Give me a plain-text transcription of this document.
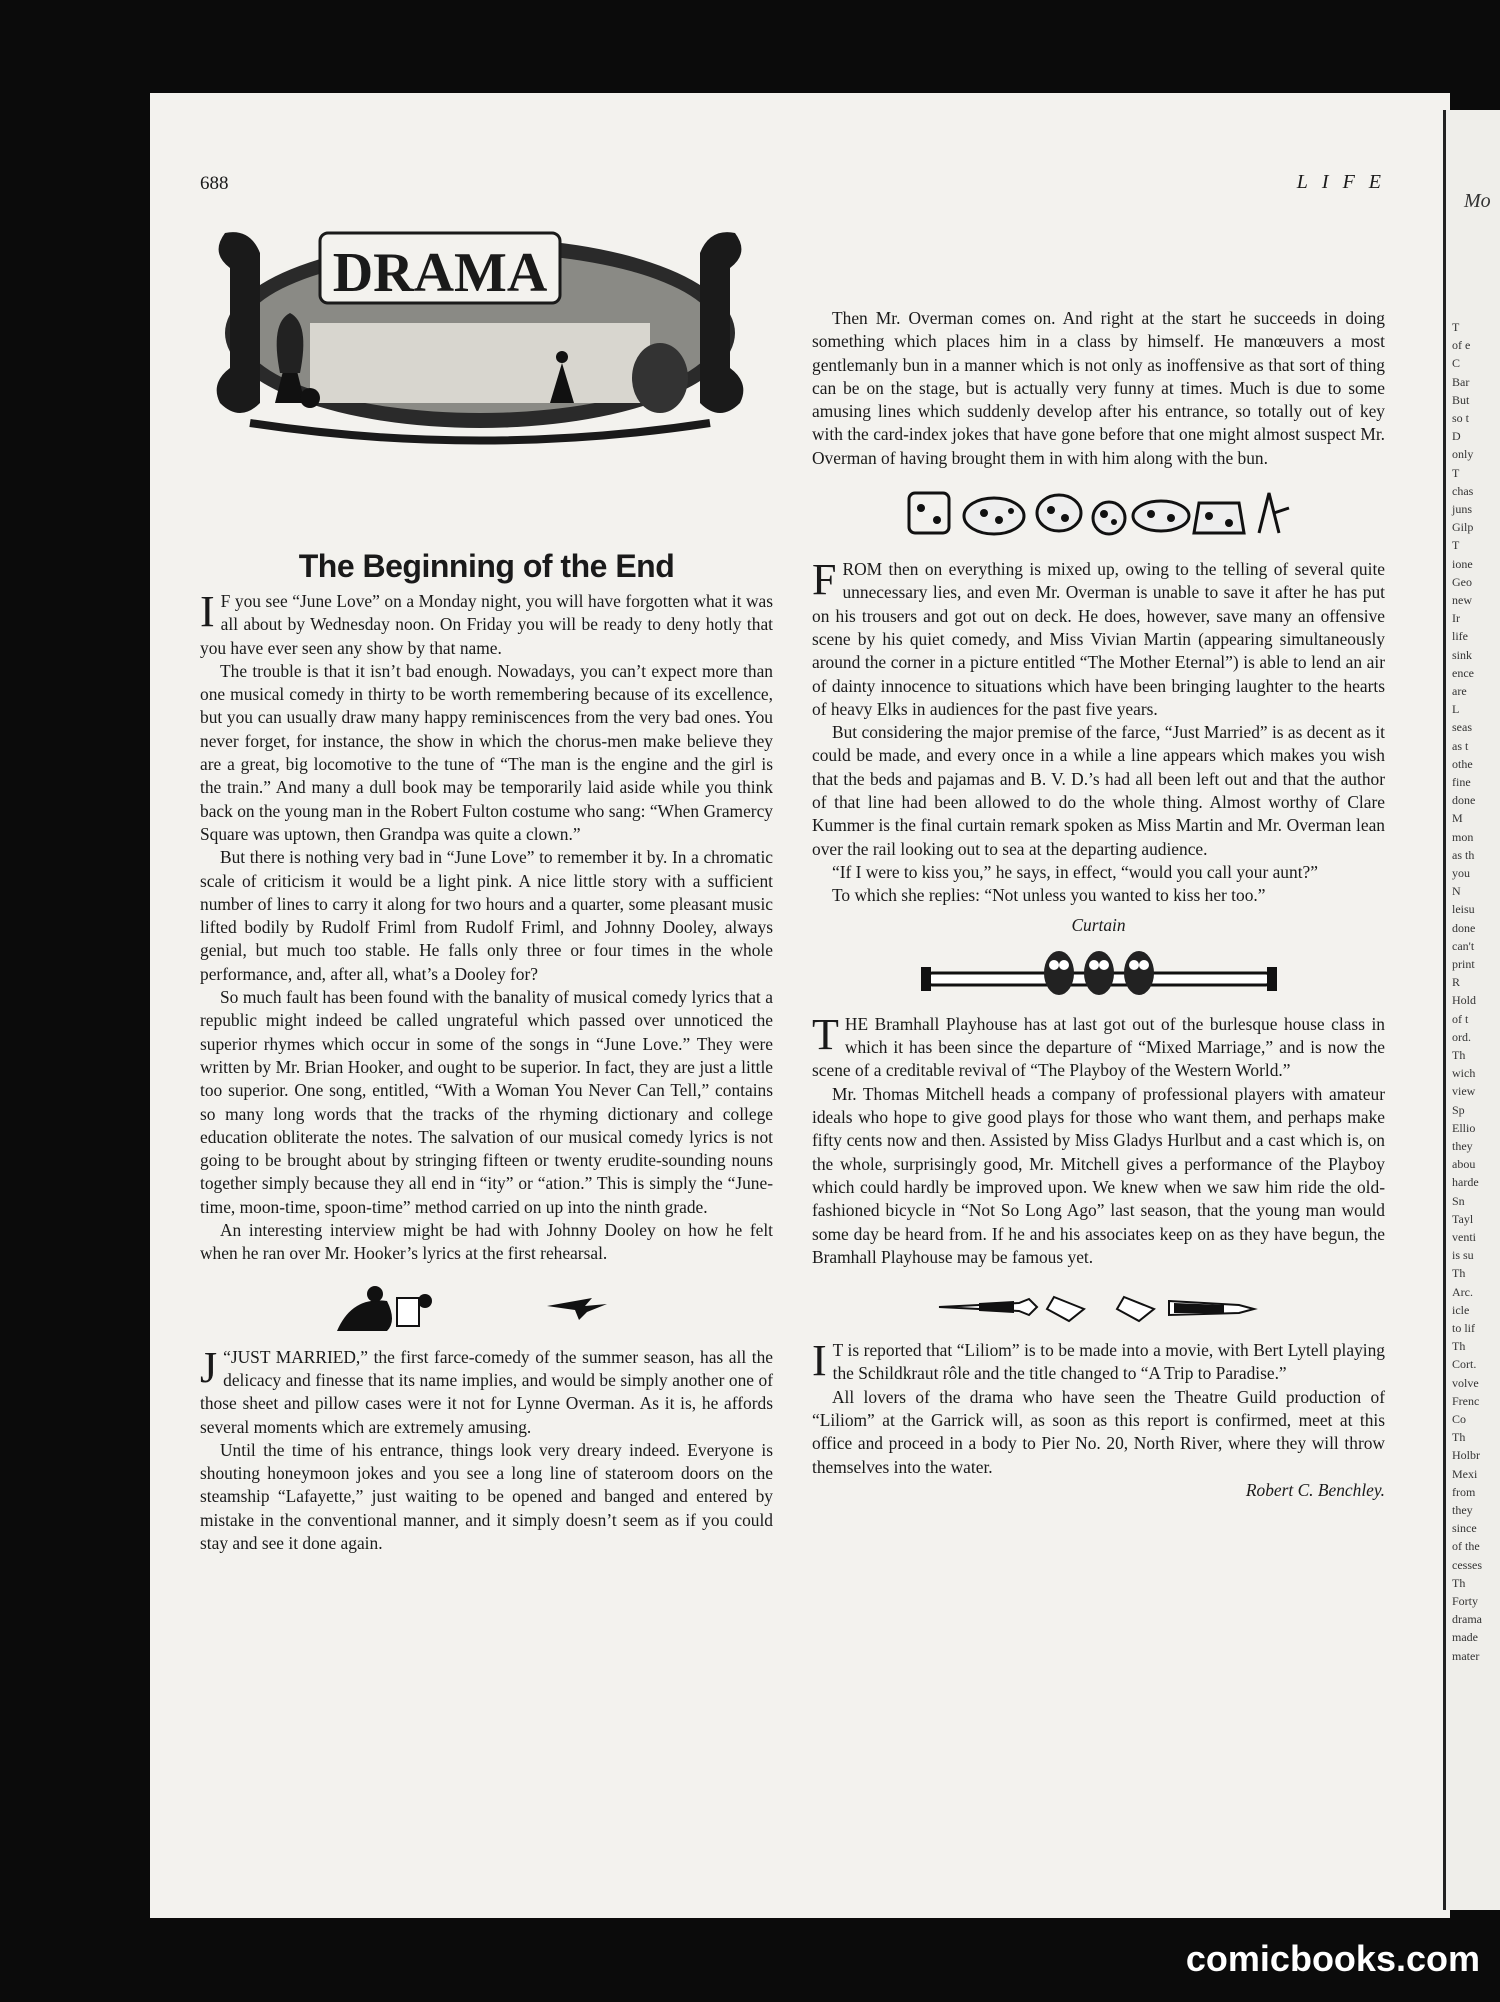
688	LIFE
DRAMA
The Beginning of the End

I F you see “June Love” on a Monday night, you will have forgotten what it was all about by Wednesday noon. On Friday you will be ready to deny hotly that you have ever seen any show by that name.

The trouble is that it isn’t bad enough. Nowadays, you can’t expect more than one musical comedy in thirty to be worth remembering because of its excellence, but you can usually draw many happy reminiscences from the very bad ones. You never forget, for instance, the show in which the chorus-men make believe they are a great, big locomotive to the tune of “The man is the engine and the girl is the train.” And many a dull book may be temporarily laid aside while you think back on the young man in the Robert Fulton costume who sang: “When Gramercy Square was uptown, then Grandpa was quite a clown.”

But there is nothing very bad in “June Love” to remember it by. In a chromatic scale of criticism it would be a light pink. A nice little story with a sufficient number of lines to carry it along for two hours and a quarter, some pleasant music lifted bodily by Rudolf Friml from Rudolf Friml, and Johnny Dooley, always genial, but much too stable. He falls only three or four times in the whole performance, and, after all, what’s a Dooley for?

So much fault has been found with the banality of musical comedy lyrics that a republic might indeed be called ungrateful which passed over unnoticed the superior rhymes which occur in some of the songs in “June Love.” They were written by Mr. Brian Hooker, and ought to be superior. In fact, they are just a little too superior. One song, entitled, “With a Woman You Never Can Tell,” contains so many long words that the tracks of the rhyming dictionary and college education obliterate the notes. The salvation of our musical comedy lyrics is not going to be brought about by stringing fifteen or twenty erudite-sounding nouns together simply because they all end in “ity” or “ation.” This is simply the “June-time, moon-time, spoon-time” method carried on up into the ninth grade.

An interesting interview might be had with Johnny Dooley on how he felt when he ran over Mr. Hooker’s lyrics at the first rehearsal.

J “JUST MARRIED,” the first farce-comedy of the summer season, has all the delicacy and finesse that its name implies, and would be simply another one of those sheet and pillow cases were it not for Lynne Overman. As it is, he affords several moments which are extremely amusing.

Until the time of his entrance, things look very dreary indeed. Everyone is shouting honeymoon jokes and you see a long line of stateroom doors on the steamship “Lafayette,” just waiting to be opened and banged and entered by mistake in the conventional manner, and it simply doesn’t seem as if you could stay and see it done again.

Then Mr. Overman comes on. And right at the start he succeeds in doing something which places him in a class by himself. He manœuvers a most gentlemanly bun in a manner which is not only as inoffensive as that sort of thing can be on the stage, but is actually very funny at times. Much is due to some amusing lines which suddenly develop after his entrance, so totally out of key with the card-index jokes that have gone before that one might almost suspect Mr. Overman of having brought them in with him along with the bun.

FROM then on everything is mixed up, owing to the telling of several quite unnecessary lies, and even Mr. Overman is unable to save it after he has put on his trousers and got out on deck. He does, however, save many an offensive scene by his quiet comedy, and Miss Vivian Martin (appearing simultaneously around the corner in a picture entitled “The Mother Eternal”) is able to lend an air of dainty innocence to situations which have been bringing laughter to the hearts of heavy Elks in audiences for the past five years.

But considering the major premise of the farce, “Just Married” is as decent as it could be made, and every once in a while a line appears which makes you wish that the beds and pajamas and B. V. D.’s had all been left out and that the author of that line had been allowed to do the whole thing. Almost worthy of Clare Kummer is the final curtain remark spoken as Miss Martin and Mr. Overman lean over the rail looking out to sea at the departing audience.

“If I were to kiss you,” he says, in effect, “would you call your aunt?”

To which she replies: “Not unless you wanted to kiss her too.”

Curtain

THE Bramhall Playhouse has at last got out of the burlesque house class in which it has been since the departure of “Mixed Marriage,” and is now the scene of a creditable revival of “The Playboy of the Western World.”

Mr. Thomas Mitchell heads a company of professional players with amateur ideals who hope to give good plays for those who want them, and perhaps make fifty cents now and then. Assisted by Miss Gladys Hurlbut and a cast which is, on the whole, surprisingly good, Mr. Mitchell gives a performance of the Playboy which could hardly be improved upon. We knew when we saw him ride the old-fashioned bicycle in “Not So Long Ago” last season, that the young man would some day be heard from. If he and his associates keep on as they have begun, the Bramhall Playhouse may be famous yet.

I T is reported that “Liliom” is to be made into a movie, with Bert Lytell playing the Schildkraut rôle and the title changed to “A Trip to Paradise.”

All lovers of the drama who have seen the Theatre Guild production of “Liliom” at the Garrick will, as soon as this report is confirmed, meet at this office and proceed in a body to Pier No. 20, North River, where they will throw themselves into the water.

Robert C. Benchley.
Mo
T
of e
C
Bar
But
so t
D
only
T
chas
juns
Gilp
T
ione
Geo
new
Ir
life
sink
ence
are
L
seas
as t
othe
fine
done
M
mon
as th
you
N
leisu
done
can't
print
R
Hold
of t
ord.
Th
wich
view
Sp
Ellio
they
abou
harde
Sn
Tayl
venti
is su
Th
Arc.
icle
to lif
Th
Cort.
volve
Frenc
Co
Th
Holbr
Mexi
from
they
since
of the
cesses
Th
Forty
drama
made
mater
comicbooks.com
